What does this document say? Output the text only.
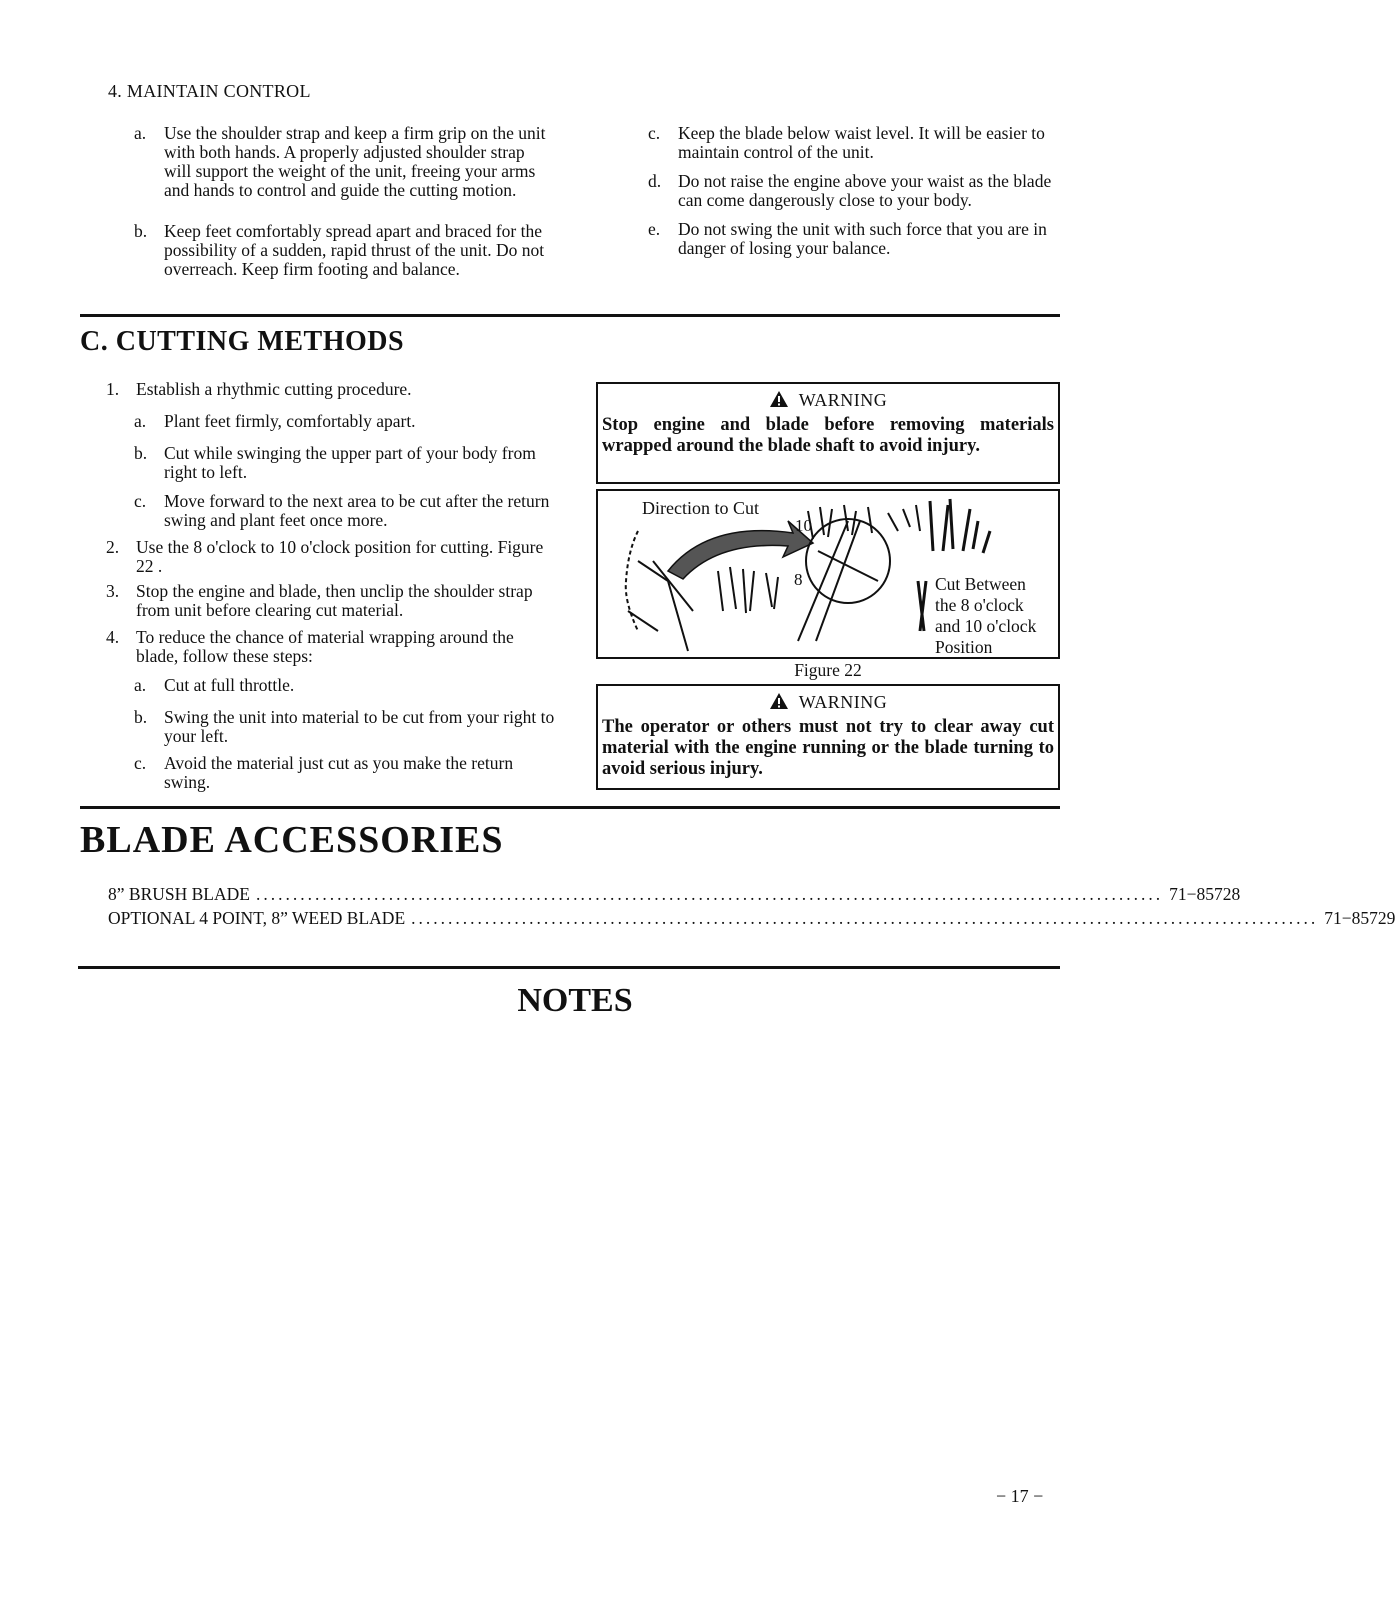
4. MAINTAIN CONTROL
a. Use the shoulder strap and keep a firm grip on the unit with both hands. A properly adjusted shoulder strap will support the weight of the unit, freeing your arms and hands to control and guide the cutting motion.
b. Keep feet comfortably spread apart and braced for the possibility of a sudden, rapid thrust of the unit. Do not overreach. Keep firm footing and balance.
c. Keep the blade below waist level. It will be easier to maintain control of the unit.
d. Do not raise the engine above your waist as the blade can come dangerously close to your body.
e. Do not swing the unit with such force that you are in danger of losing your balance.
C. CUTTING METHODS
1. Establish a rhythmic cutting procedure.
a. Plant feet firmly, comfortably apart.
b. Cut while swinging the upper part of your body from right to left.
c. Move forward to the next area to be cut after the return swing and plant feet once more.
2. Use the 8 o'clock to 10 o'clock position for cutting. Figure 22 .
3. Stop the engine and blade, then unclip the shoulder strap from unit before clearing cut material.
4. To reduce the chance of material wrapping around the blade, follow these steps:
a. Cut at full throttle.
b. Swing the unit into material to be cut from your right to your left.
c. Avoid the material just cut as you make the return swing.
WARNING
Stop engine and blade before removing materials wrapped around the blade shaft to avoid injury.
Direction to Cut
10
8	Cut Between
the 8 o'clock
and 10 o'clock
Position
Figure 22
WARNING
The operator or others must not try to clear away cut material with the engine running or the blade turning to avoid serious injury.
BLADE ACCESSORIES
8” BRUSH BLADE ........................................................................................................................... 71−85728
OPTIONAL 4 POINT, 8” WEED BLADE ........................................................................................................................... 71−85729
NOTES
− 17 −
